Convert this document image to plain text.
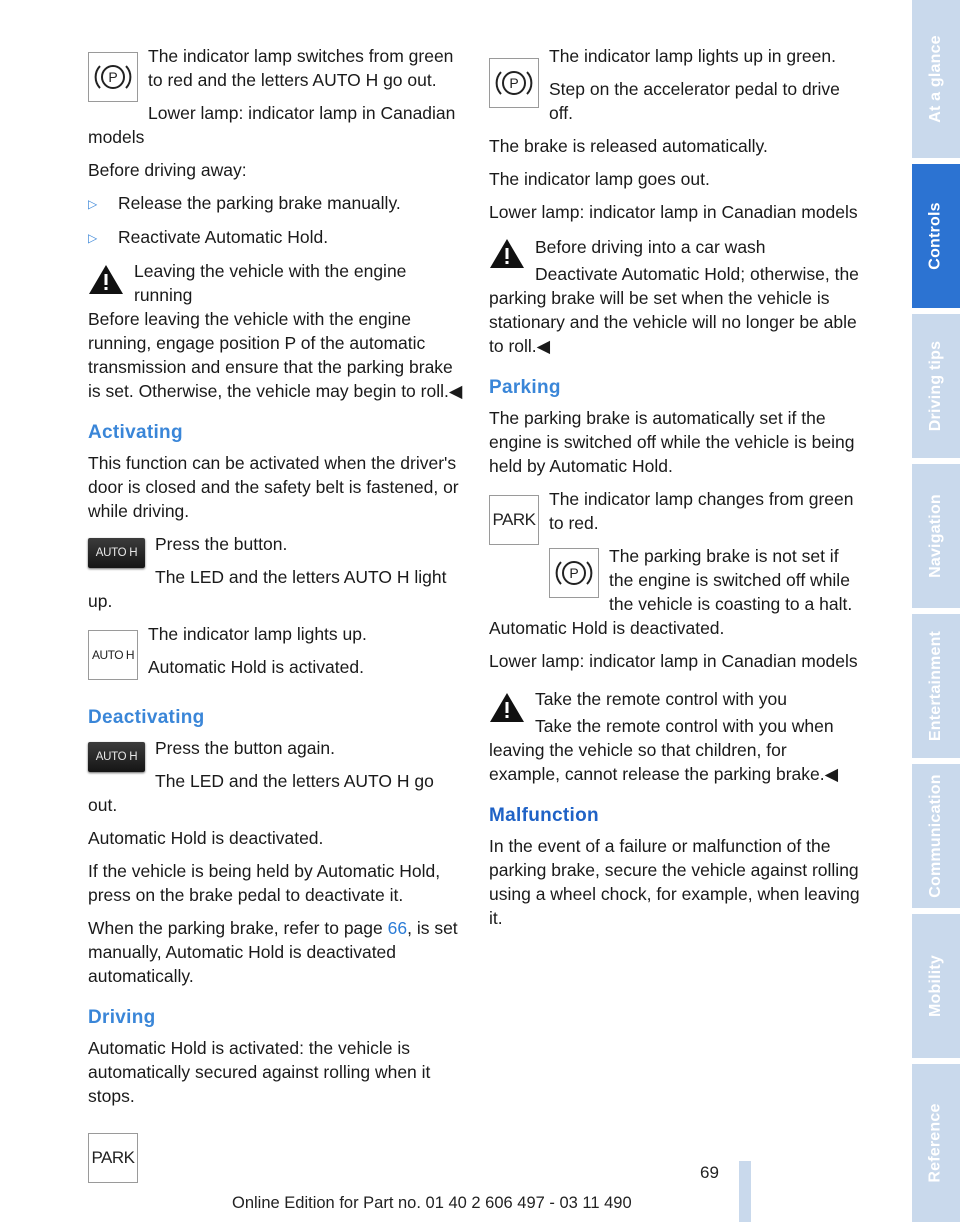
P

The indicator lamp switches from green to red and the letters AUTO H go out.

Lower lamp: indicator lamp in Canadian models

Before driving away:

▷	Release the parking brake manually.
▷	Reactivate Automatic Hold.

Leaving the vehicle with the engine running

Before leaving the vehicle with the engine running, engage position P of the automatic transmission and ensure that the parking brake is set. Otherwise, the vehicle may begin to roll.◀

Activating

This function can be activated when the driver's door is closed and the safety belt is fastened, or while driving.

AUTO H	Press the button.

The LED and the letters AUTO H light up.

AUTO H

The indicator lamp lights up.

Automatic Hold is activated.

Deactivating
AUTO H	Press the button again.

The LED and the letters AUTO H go out.

Automatic Hold is deactivated.

If the vehicle is being held by Automatic Hold, press on the brake pedal to deactivate it.

When the parking brake, refer to page 66, is set manually, Automatic Hold is deactivated automatically.

Driving

Automatic Hold is activated: the vehicle is automatically secured against rolling when it stops.

PARK
P

The indicator lamp lights up in green.

Step on the accelerator pedal to drive off.

The brake is released automatically.

The indicator lamp goes out.

Lower lamp: indicator lamp in Canadian models

Before driving into a car wash

Deactivate Automatic Hold; otherwise, the parking brake will be set when the vehicle is stationary and the vehicle will no longer be able to roll.◀

Parking

The parking brake is automatically set if the engine is switched off while the vehicle is being held by Automatic Hold.

PARK

The indicator lamp changes from green to red.

P

The parking brake is not set if the engine is switched off while the vehicle is coasting to a halt. Automatic Hold is deactivated.

Lower lamp: indicator lamp in Canadian models

Take the remote control with you

Take the remote control with you when leaving the vehicle so that children, for example, cannot release the parking brake.◀

Malfunction

In the event of a failure or malfunction of the parking brake, secure the vehicle against rolling using a wheel chock, for example, when leaving it.

At a glance
Controls
Driving tips
Navigation
Entertainment
Communication
Mobility
Reference
69
Online Edition for Part no. 01 40 2 606 497 - 03 11 490
